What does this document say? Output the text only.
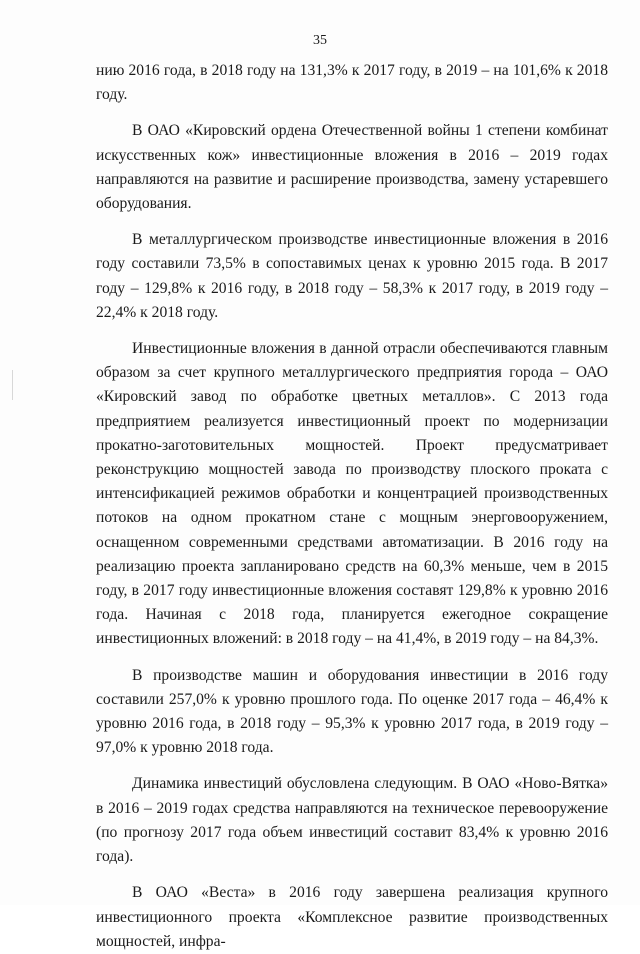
35

нию 2016 года, в 2018 году на 131,3% к 2017 году, в 2019 – на 101,6% к 2018 году.

В ОАО «Кировский ордена Отечественной войны 1 степени комбинат искусственных кож» инвестиционные вложения в 2016 – 2019 годах направляются на развитие и расширение производства, замену устаревшего оборудования.

В металлургическом производстве инвестиционные вложения в 2016 году составили 73,5% в сопоставимых ценах к уровню 2015 года. В 2017 году – 129,8% к 2016 году, в 2018 году – 58,3% к 2017 году, в 2019 году – 22,4% к 2018 году.

Инвестиционные вложения в данной отрасли обеспечиваются главным образом за счет крупного металлургического предприятия города – ОАО «Кировский завод по обработке цветных металлов». С 2013 года предприятием реализуется инвестиционный проект по модернизации прокатно-заготовительных мощностей. Проект предусматривает реконструкцию мощностей завода по производству плоского проката с интенсификацией режимов обработки и концентрацией производственных потоков на одном прокатном стане с мощным энерговооружением, оснащенном современными средствами автоматизации. В 2016 году на реализацию проекта запланировано средств на 60,3% меньше, чем в 2015 году, в 2017 году инвестиционные вложения составят 129,8% к уровню 2016 года. Начиная с 2018 года, планируется ежегодное сокращение инвестиционных вложений: в 2018 году – на 41,4%, в 2019 году – на 84,3%.

В производстве машин и оборудования инвестиции в 2016 году составили 257,0% к уровню прошлого года. По оценке 2017 года – 46,4% к уровню 2016 года, в 2018 году – 95,3% к уровню 2017 года, в 2019 году – 97,0% к уровню 2018 года.

Динамика инвестиций обусловлена следующим. В ОАО «Ново-Вятка» в 2016 – 2019 годах средства направляются на техническое перевооружение (по прогнозу 2017 года объем инвестиций составит 83,4% к уровню 2016 года).

В ОАО «Веста» в 2016 году завершена реализация крупного инвестиционного проекта «Комплексное развитие производственных мощностей, инфра-
